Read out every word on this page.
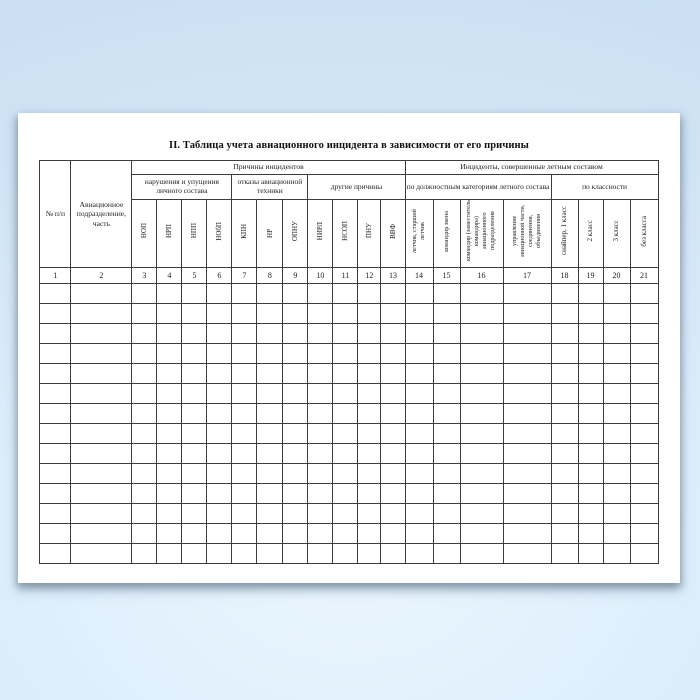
II. Таблица учета авиационного инцидента в зависимости от его причины
№ п/п	Авиационное подразделение, часть	Причины инцидентов											Инциденты, совершенные летным составом							
		нарушения и упущения личного состава				отказы авиационной техники			другие причины				по должностным категориям летного состава				по классности			
		НОП	НРП	НПП	НОбП	КПН	НР	ОПНУ	НИРЛ	НСОП	ПНУ	ВВФ	летчик, старший летчик	командир звена	командир (заместитель командира) авиационного подразделения	управление авиационной части, соединения, объединения	снайпер, 1 класс	2 класс	3 класс	без класса
1	2	3	4	5	6	7	8	9	10	11	12	13	14	15	16	17	18	19	20	21
